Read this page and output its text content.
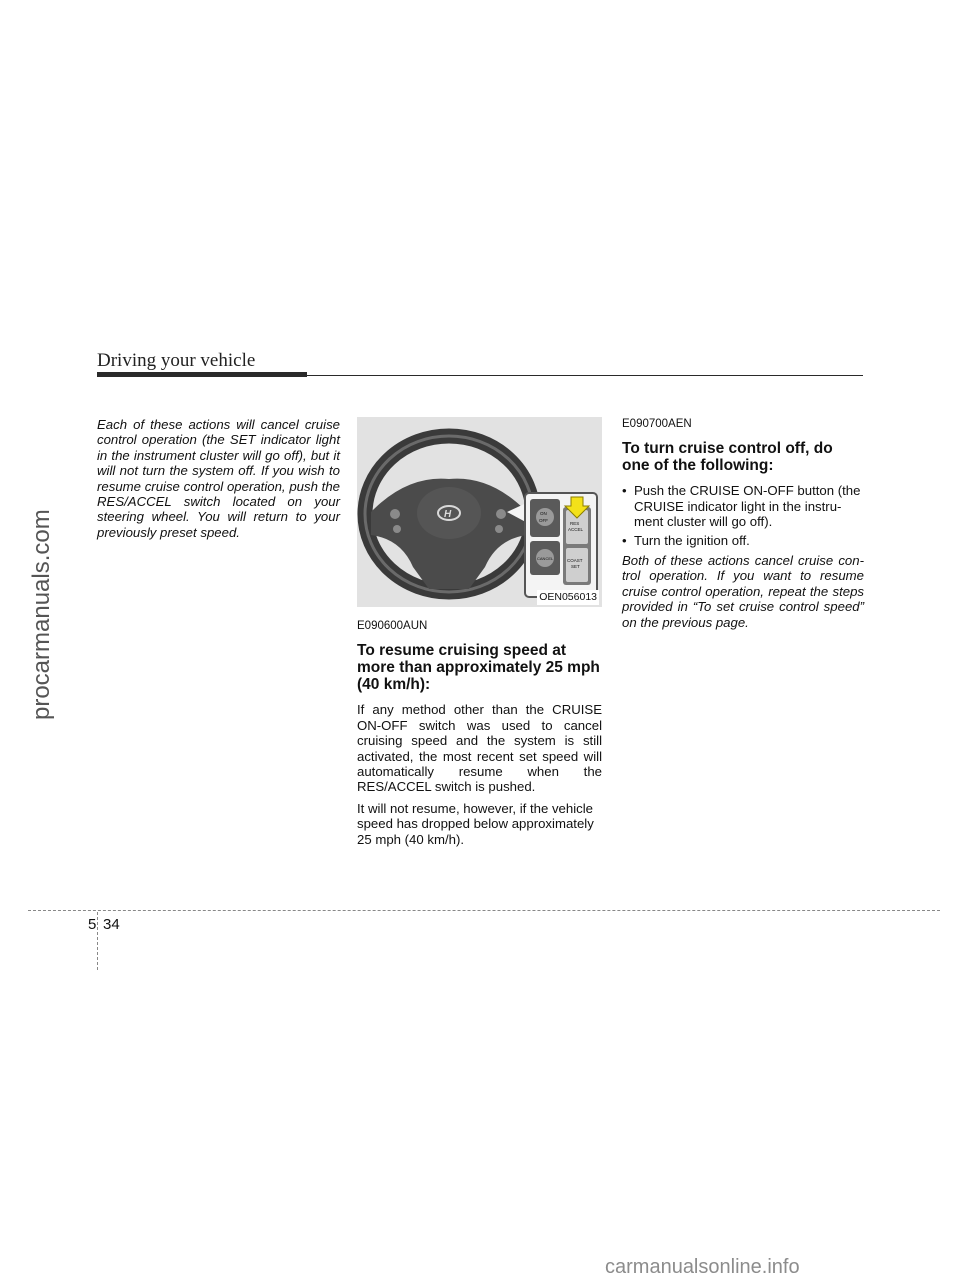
Driving your vehicle

Each of these actions will cancel cruise control operation (the SET indicator light in the instrument cluster will go off), but it will not turn the system off. If you wish to resume cruise control operation, push the RES/ACCEL switch located on your steering wheel. You will return to your previously preset speed.

H	ON
OFF
CANCEL
RES
ACCEL
COAST
SET
OEN056013
E090600AUN
To resume cruising speed at more than approximately 25 mph (40 km/h):

If any method other than the CRUISE ON-OFF switch was used to cancel cruising speed and the system is still activated, the most recent set speed will automatically resume when the RES/ACCEL switch is pushed.

It will not resume, however, if the vehicle speed has dropped below approximately 25 mph (40 km/h).

E090700AEN
To turn cruise control off, do one of the following:
• Push the CRUISE ON-OFF button (the CRUISE indicator light in the instru- ment cluster will go off).
• Turn the ignition off.

Both of these actions cancel cruise con- trol operation. If you want to resume cruise control operation, repeat the steps provided in “To set cruise control speed” on the previous page.

procarmanuals.com
5 34
carmanualsonline.info
